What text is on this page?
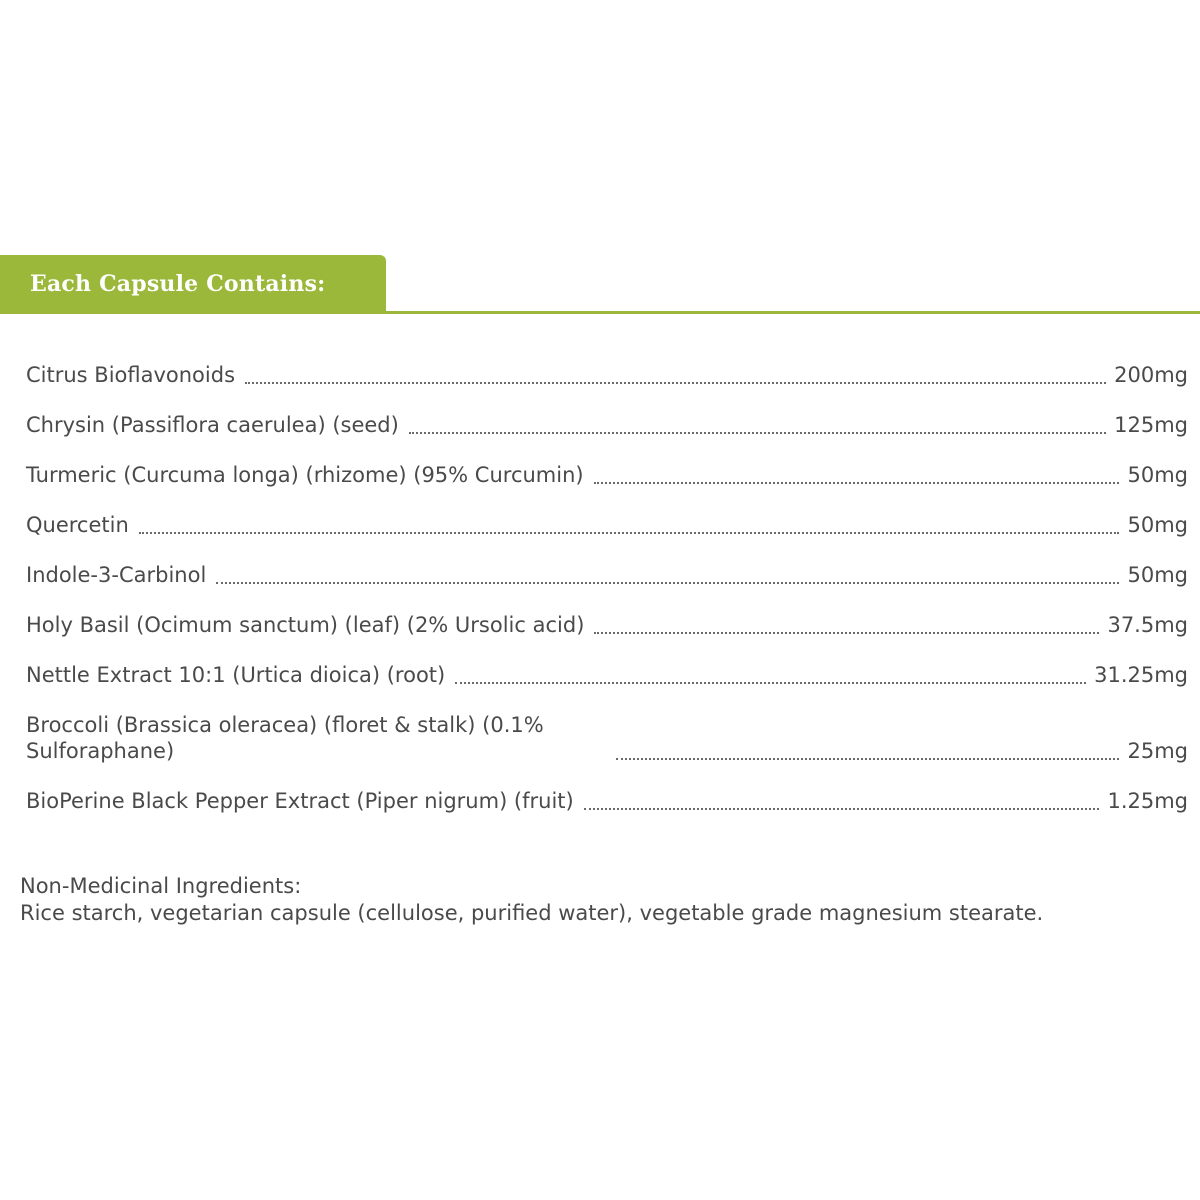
Each Capsule Contains:
Citrus Bioflavonoids	200mg
Chrysin (Passiflora caerulea) (seed)	125mg
Turmeric (Curcuma longa) (rhizome) (95% Curcumin)	50mg
Quercetin	50mg
Indole-3-Carbinol	50mg
Holy Basil (Ocimum sanctum) (leaf) (2% Ursolic acid)	37.5mg
Nettle Extract 10:1 (Urtica dioica) (root)	31.25mg
Broccoli (Brassica oleracea) (floret & stalk) (0.1% Sulforaphane)	25mg
BioPerine Black Pepper Extract (Piper nigrum) (fruit)	1.25mg
Non-Medicinal Ingredients:
Rice starch, vegetarian capsule (cellulose, purified water), vegetable grade magnesium stearate.
